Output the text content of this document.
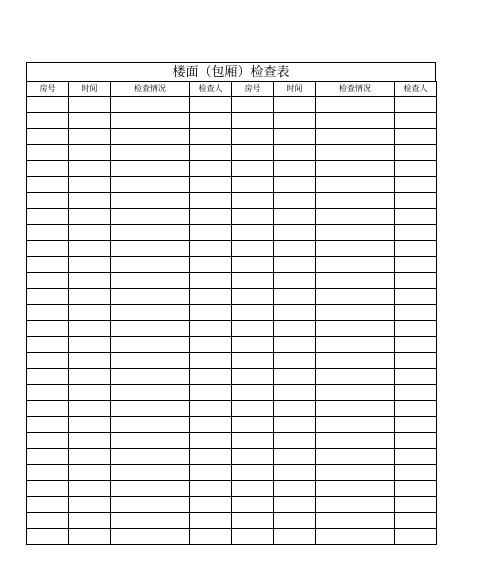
楼面（包厢）检查表
房号	时间	检查情况	检查人	房号	时间	检查情况	检查人
